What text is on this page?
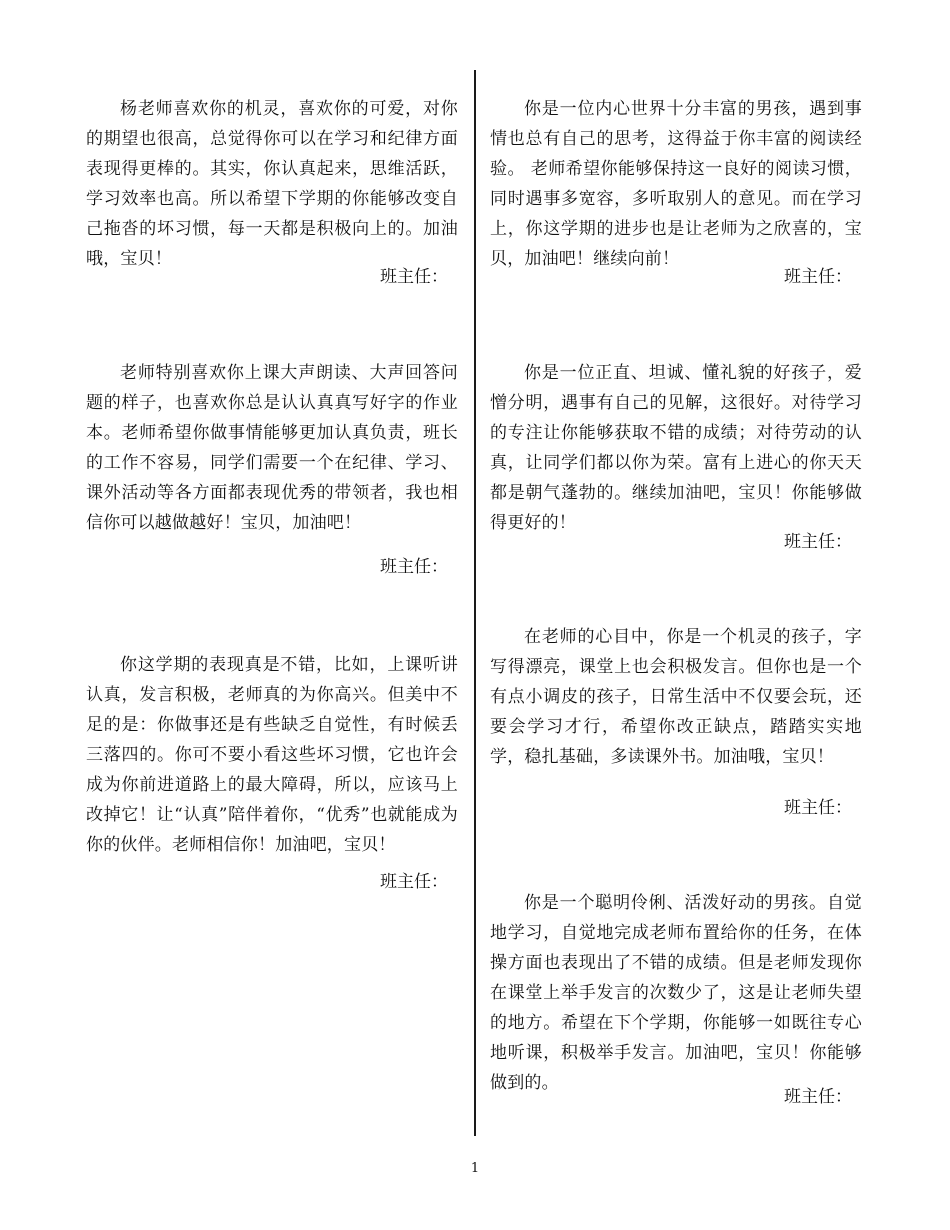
杨老师喜欢你的机灵，喜欢你的可爱，对你的期望也很高，总觉得你可以在学习和纪律方面表现得更棒的。其实，你认真起来，思维活跃，学习效率也高。所以希望下学期的你能够改变自己拖沓的坏习惯，每一天都是积极向上的。加油哦，宝贝！

班主任：

老师特别喜欢你上课大声朗读、大声回答问题的样子，也喜欢你总是认认真真写好字的作业本。老师希望你做事情能够更加认真负责，班长的工作不容易，同学们需要一个在纪律、学习、课外活动等各方面都表现优秀的带领者，我也相信你可以越做越好！宝贝，加油吧！

班主任：

你这学期的表现真是不错，比如，上课听讲认真，发言积极，老师真的为你高兴。但美中不足的是：你做事还是有些缺乏自觉性，有时候丢三落四的。你可不要小看这些坏习惯，它也许会成为你前进道路上的最大障碍，所以，应该马上改掉它！让“认真”陪伴着你，“优秀”也就能成为你的伙伴。老师相信你！加油吧，宝贝！

班主任：

你是一位内心世界十分丰富的男孩，遇到事情也总有自己的思考，这得益于你丰富的阅读经验。 老师希望你能够保持这一良好的阅读习惯，同时遇事多宽容，多听取别人的意见。而在学习上，你这学期的进步也是让老师为之欣喜的，宝贝，加油吧！继续向前！

班主任：

你是一位正直、坦诚、懂礼貌的好孩子，爱憎分明，遇事有自己的见解，这很好。对待学习的专注让你能够获取不错的成绩；对待劳动的认真，让同学们都以你为荣。富有上进心的你天天都是朝气蓬勃的。继续加油吧，宝贝！你能够做得更好的！

班主任：

在老师的心目中，你是一个机灵的孩子，字写得漂亮，课堂上也会积极发言。但你也是一个有点小调皮的孩子，日常生活中不仅要会玩，还要会学习才行，希望你改正缺点，踏踏实实地学，稳扎基础，多读课外书。加油哦，宝贝！

班主任：

你是一个聪明伶俐、活泼好动的男孩。自觉地学习，自觉地完成老师布置给你的任务，在体操方面也表现出了不错的成绩。但是老师发现你在课堂上举手发言的次数少了，这是让老师失望的地方。希望在下个学期，你能够一如既往专心地听课，积极举手发言。加油吧，宝贝！你能够做到的。

班主任：
1
